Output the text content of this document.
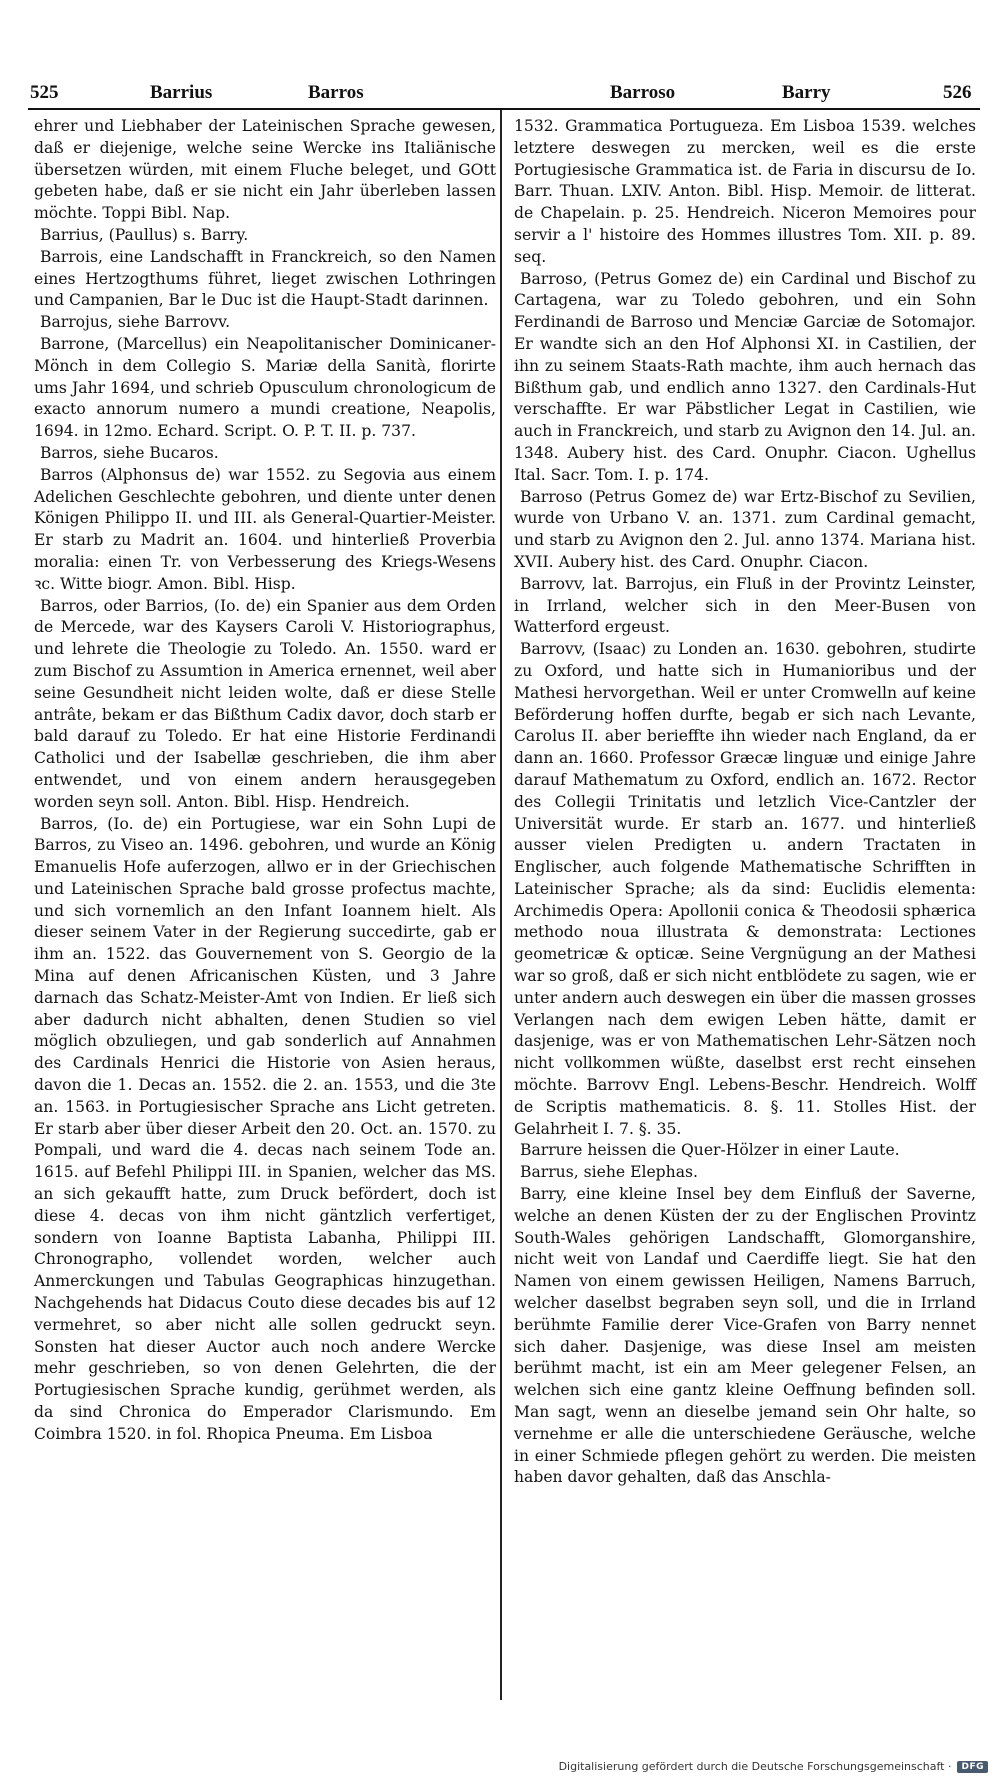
525	Barrius	Barros	Barroso	Barry	526

ehrer und Liebhaber der Lateinischen Sprache gewesen, daß er diejenige, welche seine Wercke ins Italiänische übersetzen würden, mit einem Fluche beleget, und GOtt gebeten habe, daß er sie nicht ein Jahr überleben lassen möchte. Toppi Bibl. Nap.

Barrius, (Paullus) s. Barry.

Barrois, eine Landschafft in Franckreich, so den Namen eines Hertzogthums führet, lieget zwischen Lothringen und Campanien, Bar le Duc ist die Haupt-Stadt darinnen.

Barrojus, siehe Barrovv.

Barrone, (Marcellus) ein Neapolitanischer Dominicaner-Mönch in dem Collegio S. Mariæ della Sanità, florirte ums Jahr 1694, und schrieb Opusculum chronologicum de exacto annorum numero a mundi creatione, Neapolis, 1694. in 12mo. Echard. Script. O. P. T. II. p. 737.

Barros, siehe Bucaros.

Barros (Alphonsus de) war 1552. zu Segovia aus einem Adelichen Geschlechte gebohren, und diente unter denen Königen Philippo II. und III. als General-Quartier-Meister. Er starb zu Madrit an. 1604. und hinterließ Proverbia moralia: einen Tr. von Verbesserung des Kriegs-Wesens ꝛc. Witte biogr. Amon. Bibl. Hisp.

Barros, oder Barrios, (Io. de) ein Spanier aus dem Orden de Mercede, war des Kaysers Caroli V. Historiographus, und lehrete die Theologie zu Toledo. An. 1550. ward er zum Bischof zu Assumtion in America ernennet, weil aber seine Gesundheit nicht leiden wolte, daß er diese Stelle antrâte, bekam er das Bißthum Cadix davor, doch starb er bald darauf zu Toledo. Er hat eine Historie Ferdinandi Catholici und der Isabellæ geschrieben, die ihm aber entwendet, und von einem andern herausgegeben worden seyn soll. Anton. Bibl. Hisp. Hendreich.

Barros, (Io. de) ein Portugiese, war ein Sohn Lupi de Barros, zu Viseo an. 1496. gebohren, und wurde an König Emanuelis Hofe auferzogen, allwo er in der Griechischen und Lateinischen Sprache bald grosse profectus machte, und sich vornemlich an den Infant Ioannem hielt. Als dieser seinem Vater in der Regierung succedirte, gab er ihm an. 1522. das Gouvernement von S. Georgio de la Mina auf denen Africanischen Küsten, und 3 Jahre darnach das Schatz-Meister-Amt von Indien. Er ließ sich aber dadurch nicht abhalten, denen Studien so viel möglich obzuliegen, und gab sonderlich auf Annahmen des Cardinals Henrici die Historie von Asien heraus, davon die 1. Decas an. 1552. die 2. an. 1553, und die 3te an. 1563. in Portugiesischer Sprache ans Licht getreten. Er starb aber über dieser Arbeit den 20. Oct. an. 1570. zu Pompali, und ward die 4. decas nach seinem Tode an. 1615. auf Befehl Philippi III. in Spanien, welcher das MS. an sich gekaufft hatte, zum Druck befördert, doch ist diese 4. decas von ihm nicht gäntzlich verfertiget, sondern von Ioanne Baptista Labanha, Philippi III. Chronographo, vollendet worden, welcher auch Anmerckungen und Tabulas Geographicas hinzugethan. Nachgehends hat Didacus Couto diese decades bis auf 12 vermehret, so aber nicht alle sollen gedruckt seyn. Sonsten hat dieser Auctor auch noch andere Wercke mehr geschrieben, so von denen Gelehrten, die der Portugiesischen Sprache kundig, gerühmet werden, als da sind Chronica do Emperador Clarismundo. Em Coimbra 1520. in fol. Rhopica Pneuma. Em Lisboa

1532. Grammatica Portugueza. Em Lisboa 1539. welches letztere deswegen zu mercken, weil es die erste Portugiesische Grammatica ist. de Faria in discursu de Io. Barr. Thuan. LXIV. Anton. Bibl. Hisp. Memoir. de litterat. de Chapelain. p. 25. Hendreich. Niceron Memoires pour servir a l' histoire des Hommes illustres Tom. XII. p. 89. seq.

Barroso, (Petrus Gomez de) ein Cardinal und Bischof zu Cartagena, war zu Toledo gebohren, und ein Sohn Ferdinandi de Barroso und Menciæ Garciæ de Sotomajor. Er wandte sich an den Hof Alphonsi XI. in Castilien, der ihn zu seinem Staats-Rath machte, ihm auch hernach das Bißthum gab, und endlich anno 1327. den Cardinals-Hut verschaffte. Er war Päbstlicher Legat in Castilien, wie auch in Franckreich, und starb zu Avignon den 14. Jul. an. 1348. Aubery hist. des Card. Onuphr. Ciacon. Ughellus Ital. Sacr. Tom. I. p. 174.

Barroso (Petrus Gomez de) war Ertz-Bischof zu Sevilien, wurde von Urbano V. an. 1371. zum Cardinal gemacht, und starb zu Avignon den 2. Jul. anno 1374. Mariana hist. XVII. Aubery hist. des Card. Onuphr. Ciacon.

Barrovv, lat. Barrojus, ein Fluß in der Provintz Leinster, in Irrland, welcher sich in den Meer-Busen von Watterford ergeust.

Barrovv, (Isaac) zu Londen an. 1630. gebohren, studirte zu Oxford, und hatte sich in Humanioribus und der Mathesi hervorgethan. Weil er unter Cromwelln auf keine Beförderung hoffen durfte, begab er sich nach Levante, Carolus II. aber berieffte ihn wieder nach England, da er dann an. 1660. Professor Græcæ linguæ und einige Jahre darauf Mathematum zu Oxford, endlich an. 1672. Rector des Collegii Trinitatis und letzlich Vice-Cantzler der Universität wurde. Er starb an. 1677. und hinterließ ausser vielen Predigten u. andern Tractaten in Englischer, auch folgende Mathematische Schrifften in Lateinischer Sprache; als da sind: Euclidis elementa: Archimedis Opera: Apollonii conica & Theodosii sphærica methodo noua illustrata & demonstrata: Lectiones geometricæ & opticæ. Seine Vergnügung an der Mathesi war so groß, daß er sich nicht entblödete zu sagen, wie er unter andern auch deswegen ein über die massen grosses Verlangen nach dem ewigen Leben hätte, damit er dasjenige, was er von Mathematischen Lehr-Sätzen noch nicht vollkommen wüßte, daselbst erst recht einsehen möchte. Barrovv Engl. Lebens-Beschr. Hendreich. Wolff de Scriptis mathematicis. 8. §. 11. Stolles Hist. der Gelahrheit I. 7. §. 35.

Barrure heissen die Quer-Hölzer in einer Laute.

Barrus, siehe Elephas.

Barry, eine kleine Insel bey dem Einfluß der Saverne, welche an denen Küsten der zu der Englischen Provintz South-Wales gehörigen Landschafft, Glomorganshire, nicht weit von Landaf und Caerdiffe liegt. Sie hat den Namen von einem gewissen Heiligen, Namens Barruch, welcher daselbst begraben seyn soll, und die in Irrland berühmte Familie derer Vice-Grafen von Barry nennet sich daher. Dasjenige, was diese Insel am meisten berühmt macht, ist ein am Meer gelegener Felsen, an welchen sich eine gantz kleine Oeffnung befinden soll. Man sagt, wenn an dieselbe jemand sein Ohr halte, so vernehme er alle die unterschiedene Geräusche, welche in einer Schmiede pflegen gehört zu werden. Die meisten haben davor gehalten, daß das Anschla-

Digitalisierung gefördert durch die Deutsche Forschungsgemeinschaft ·	DFG
